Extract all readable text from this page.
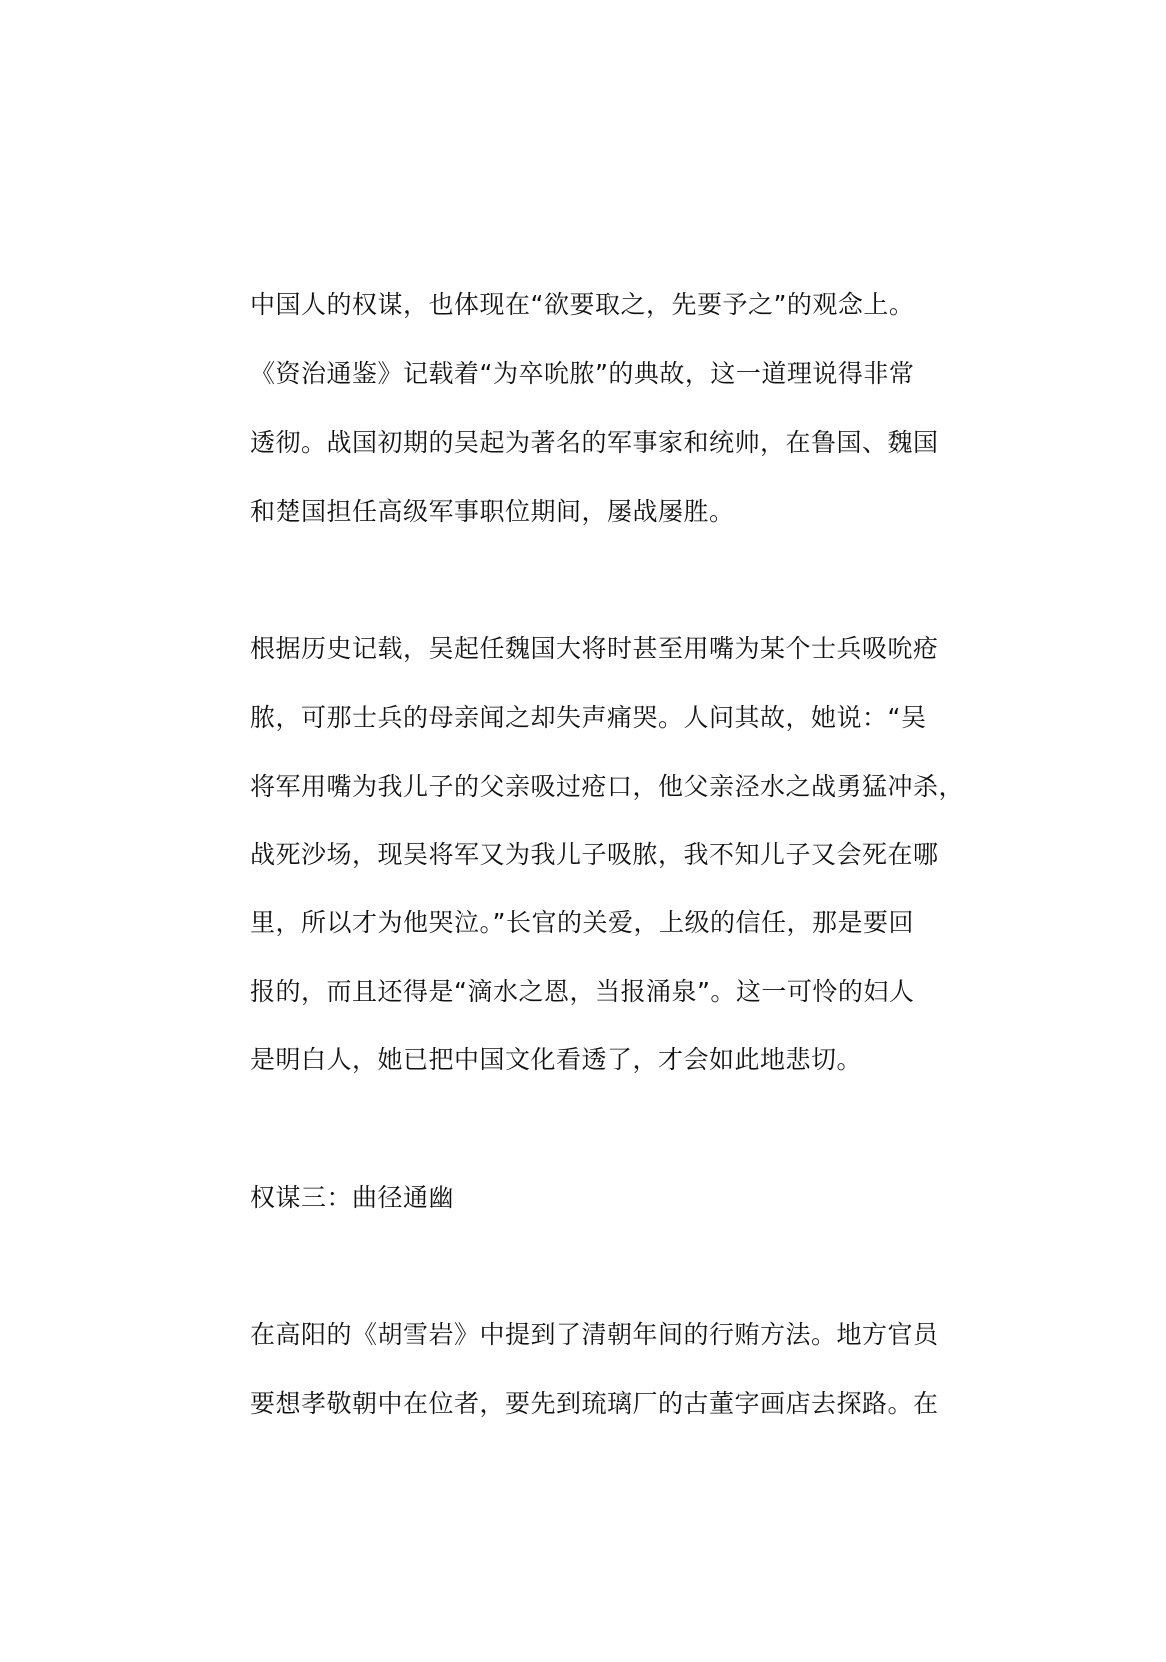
中国人的权谋，也体现在“欲要取之，先要予之”的观念上。

《资治通鉴》记载着“为卒吮脓”的典故，这一道理说得非常

透彻。战国初期的吴起为著名的军事家和统帅，在鲁国、魏国

和楚国担任高级军事职位期间，屡战屡胜。

根据历史记载，吴起任魏国大将时甚至用嘴为某个士兵吸吮疮

脓，可那士兵的母亲闻之却失声痛哭。人问其故，她说：“吴

将军用嘴为我儿子的父亲吸过疮口，他父亲泾水之战勇猛冲杀，

战死沙场，现吴将军又为我儿子吸脓，我不知儿子又会死在哪

里，所以才为他哭泣。”长官的关爱，上级的信任，那是要回

报的，而且还得是“滴水之恩，当报涌泉”。这一可怜的妇人

是明白人，她已把中国文化看透了，才会如此地悲切。

权谋三：曲径通幽

在高阳的《胡雪岩》中提到了清朝年间的行贿方法。地方官员

要想孝敬朝中在位者，要先到琉璃厂的古董字画店去探路。在
